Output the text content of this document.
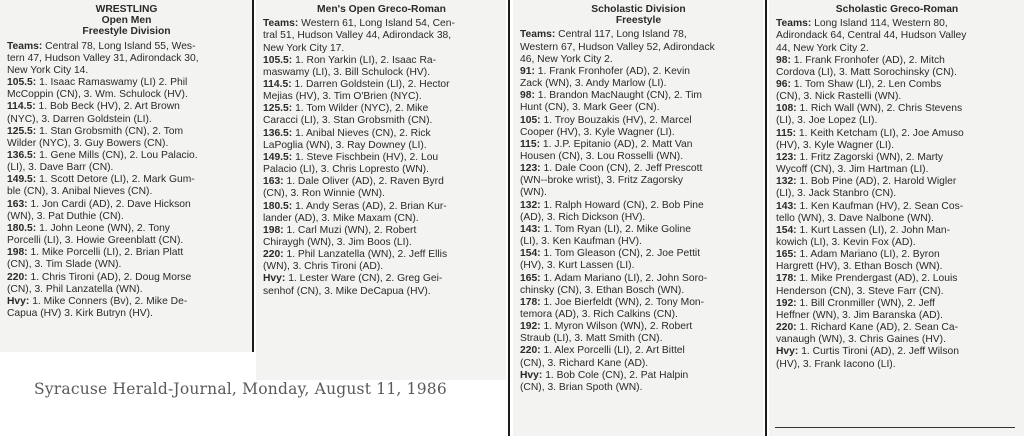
WRESTLING
Open Men
Freestyle Division
Teams: Central 78, Long Island 55, Wes-
tern 47, Hudson Valley 31, Adirondack 30,
New York City 14.
105.5: 1. Isaac Ramaswamy (LI) 2. Phil
McCoppin (CN), 3. Wm. Schulock (HV).
114.5: 1. Bob Beck (HV), 2. Art Brown
(NYC), 3. Darren Goldstein (LI).
125.5: 1. Stan Grobsmith (CN), 2. Tom
Wilder (NYC), 3. Guy Bowers (CN).
136.5: 1. Gene Mills (CN), 2. Lou Palacio.
(LI), 3. Dave Barr (CN).
149.5: 1. Scott Detore (LI), 2. Mark Gum-
ble (CN), 3. Anibal Nieves (CN).
163: 1. Jon Cardi (AD), 2. Dave Hickson
(WN), 3. Pat Duthie (CN).
180.5: 1. John Leone (WN), 2. Tony
Porcelli (LI), 3. Howie Greenblatt (CN).
198: 1. Mike Porcelli (LI), 2. Brian Platt
(CN), 3. Tim Slade (WN).
220: 1. Chris Tironi (AD), 2. Doug Morse
(CN), 3. Phil Lanzatella (WN).
Hvy: 1. Mike Conners (Bv), 2. Mike De-
Capua (HV) 3. Kirk Butryn (HV).
Men's Open Greco-Roman
Teams: Western 61, Long Island 54, Cen-
tral 51, Hudson Valley 44, Adirondack 38,
New York City 17.
105.5: 1. Ron Yarkin (LI), 2. Isaac Ra-
maswamy (LI), 3. Bill Schulock (HV).
114.5: 1. Darren Goldstein (LI), 2. Hector
Mejias (HV), 3. Tim O'Brien (NYC).
125.5: 1. Tom Wilder (NYC), 2. Mike
Caracci (LI), 3. Stan Grobsmith (CN).
136.5: 1. Anibal Nieves (CN), 2. Rick
LaPoglia (WN), 3. Ray Downey (LI).
149.5: 1. Steve Fischbein (HV), 2. Lou
Palacio (LI), 3. Chris Lopresto (WN).
163: 1. Dale Oliver (AD), 2. Raven Byrd
(CN), 3. Ron Winnie (WN).
180.5: 1. Andy Seras (AD), 2. Brian Kur-
lander (AD), 3. Mike Maxam (CN).
198: 1. Carl Muzi (WN), 2. Robert
Chiraygh (WN), 3. Jim Boos (LI).
220: 1. Phil Lanzatella (WN), 2. Jeff Ellis
(WN), 3. Chris Tironi (AD).
Hvy: 1. Lester Ware (CN), 2. Greg Gei-
senhof (CN), 3. Mike DeCapua (HV).
Scholastic Division
Freestyle
Teams: Central 117, Long Island 78,
Western 67, Hudson Valley 52, Adirondack
46, New York City 2.
91: 1. Frank Fronhofer (AD), 2. Kevin
Zack (WN), 3. Andy Marlow (LI).
98: 1. Brandon MacNaught (CN), 2. Tim
Hunt (CN), 3. Mark Geer (CN).
105: 1. Troy Bouzakis (HV), 2. Marcel
Cooper (HV), 3. Kyle Wagner (LI).
115: 1. J.P. Epitanio (AD), 2. Matt Van
Housen (CN), 3. Lou Rosselli (WN).
123: 1. Dale Coon (CN), 2. Jeff Prescott
(WN--broke wrist), 3. Fritz Zagorsky
(WN).
132: 1. Ralph Howard (CN), 2. Bob Pine
(AD), 3. Rich Dickson (HV).
143: 1. Tom Ryan (LI), 2. Mike Goline
(LI), 3. Ken Kaufman (HV).
154: 1. Tom Gleason (CN), 2. Joe Pettit
(HV), 3. Kurt Lassen (LI).
165: 1. Adam Mariano (LI), 2. John Soro-
chinsky (CN), 3. Ethan Bosch (WN).
178: 1. Joe Bierfeldt (WN), 2. Tony Mon-
temora (AD), 3. Rich Calkins (CN).
192: 1. Myron Wilson (WN), 2. Robert
Straub (LI), 3. Matt Smith (CN).
220: 1. Alex Porcelli (LI), 2. Art Bittel
(CN), 3. Richard Kane (AD).
Hvy: 1. Bob Cole (CN), 2. Pat Halpin
(CN), 3. Brian Spoth (WN).
Scholastic Greco-Roman
Teams: Long Island 114, Western 80,
Adirondack 64, Central 44, Hudson Valley
44, New York City 2.
98: 1. Frank Fronhofer (AD), 2. Mitch
Cordova (LI), 3. Matt Sorochinsky (CN).
96: 1. Tom Shaw (LI), 2. Len Combs
(CN), 3. Nick Rastelli (WN).
108: 1. Rich Wall (WN), 2. Chris Stevens
(LI), 3. Joe Lopez (LI).
115: 1. Keith Ketcham (LI), 2. Joe Amuso
(HV), 3. Kyle Wagner (LI).
123: 1. Fritz Zagorski (WN), 2. Marty
Wycoff (CN), 3. Jim Hartman (LI).
132: 1. Bob Pine (AD), 2. Harold Wigler
(LI), 3. Jack Stanbro (CN).
143: 1. Ken Kaufman (HV), 2. Sean Cos-
tello (WN), 3. Dave Nalbone (WN).
154: 1. Kurt Lassen (LI), 2. John Man-
kowich (LI), 3. Kevin Fox (AD).
165: 1. Adam Mariano (LI), 2. Byron
Hargrett (HV), 3. Ethan Bosch (WN).
178: 1. Mike Prendergast (AD), 2. Louis
Henderson (CN), 3. Steve Farr (CN).
192: 1. Bill Cronmiller (WN), 2. Jeff
Heffner (WN), 3. Jim Baranska (AD).
220: 1. Richard Kane (AD), 2. Sean Ca-
vanaugh (WN), 3. Chris Gaines (HV).
Hvy: 1. Curtis Tironi (AD), 2. Jeff Wilson
(HV), 3. Frank Iacono (LI).
Syracuse Herald-Journal, Monday, August 11, 1986
